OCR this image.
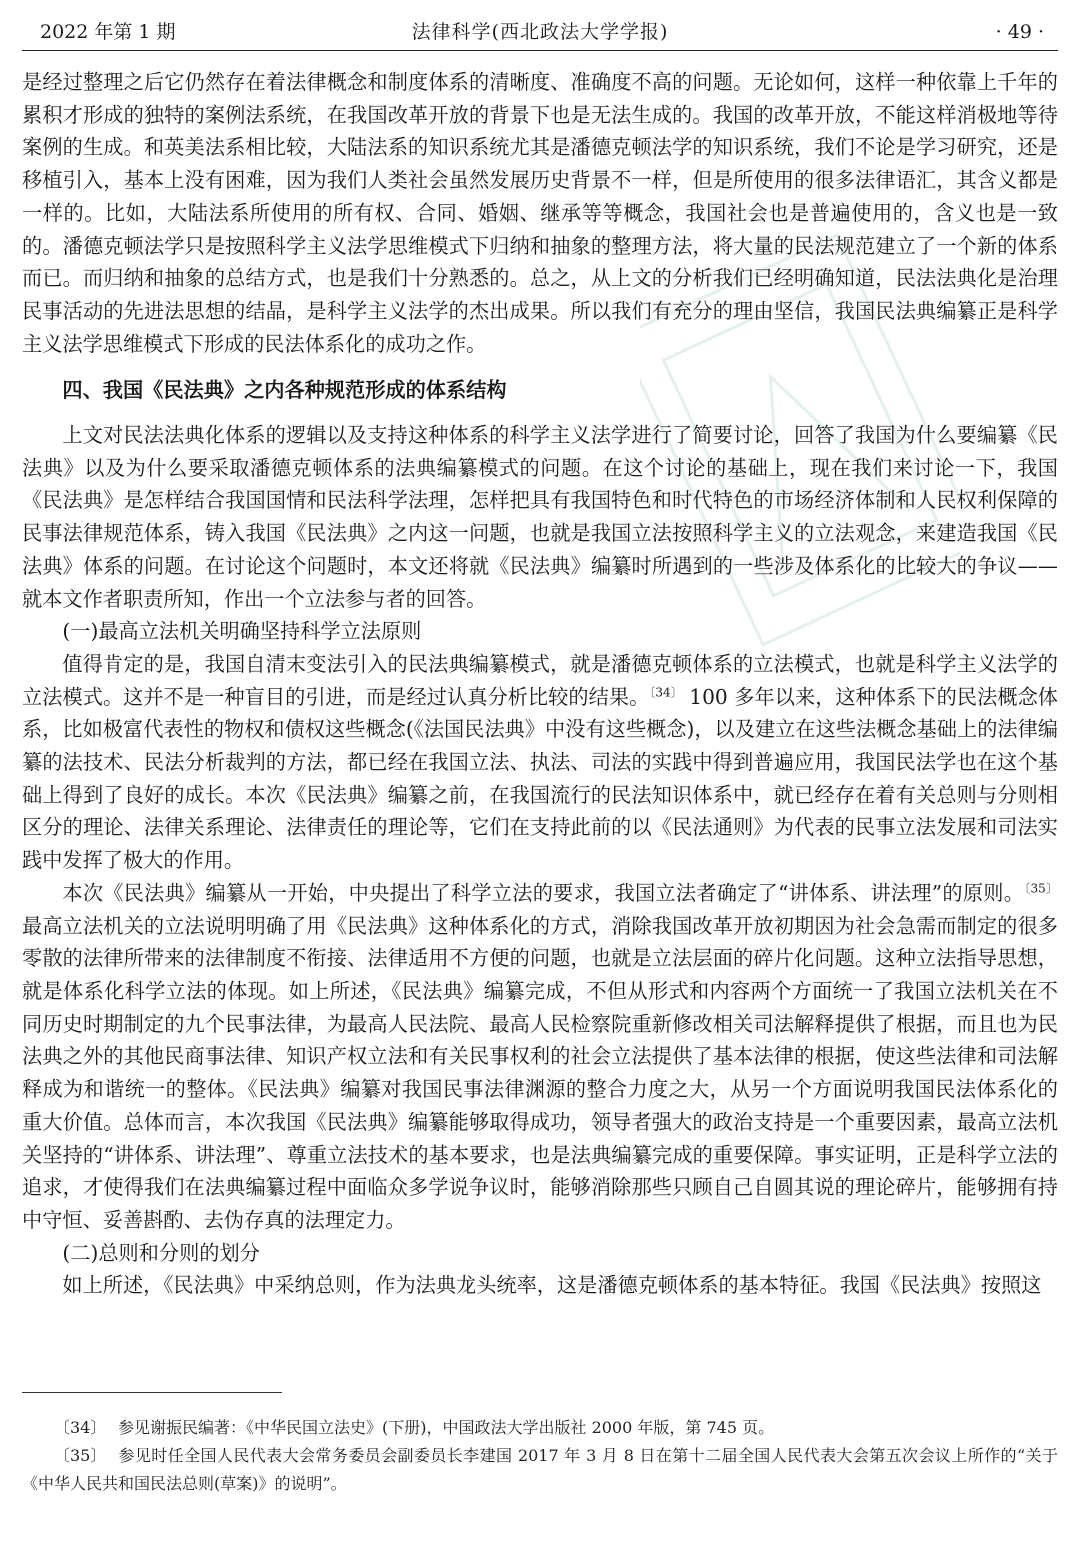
2022 年第 1 期	法律科学(西北政法大学学报)	· 49 ·

是经过整理之后它仍然存在着法律概念和制度体系的清晰度、准确度不高的问题。无论如何，这样一种依靠上千年的累积才形成的独特的案例法系统，在我国改革开放的背景下也是无法生成的。我国的改革开放，不能这样消极地等待案例的生成。和英美法系相比较，大陆法系的知识系统尤其是潘德克顿法学的知识系统，我们不论是学习研究，还是移植引入，基本上没有困难，因为我们人类社会虽然发展历史背景不一样，但是所使用的很多法律语汇，其含义都是一样的。比如，大陆法系所使用的所有权、合同、婚姻、继承等等概念，我国社会也是普遍使用的，含义也是一致的。潘德克顿法学只是按照科学主义法学思维模式下归纳和抽象的整理方法，将大量的民法规范建立了一个新的体系而已。而归纳和抽象的总结方式，也是我们十分熟悉的。总之，从上文的分析我们已经明确知道，民法法典化是治理民事活动的先进法思想的结晶，是科学主义法学的杰出成果。所以我们有充分的理由坚信，我国民法典编纂正是科学主义法学思维模式下形成的民法体系化的成功之作。

四、我国《民法典》之内各种规范形成的体系结构

上文对民法法典化体系的逻辑以及支持这种体系的科学主义法学进行了简要讨论，回答了我国为什么要编纂《民法典》以及为什么要采取潘德克顿体系的法典编纂模式的问题。在这个讨论的基础上，现在我们来讨论一下，我国《民法典》是怎样结合我国国情和民法科学法理，怎样把具有我国特色和时代特色的市场经济体制和人民权利保障的民事法律规范体系，铸入我国《民法典》之内这一问题，也就是我国立法按照科学主义的立法观念，来建造我国《民法典》体系的问题。在讨论这个问题时，本文还将就《民法典》编纂时所遇到的一些涉及体系化的比较大的争议——就本文作者职责所知，作出一个立法参与者的回答。

(一)最高立法机关明确坚持科学立法原则

值得肯定的是，我国自清末变法引入的民法典编纂模式，就是潘德克顿体系的立法模式，也就是科学主义法学的立法模式。这并不是一种盲目的引进，而是经过认真分析比较的结果。$^{〔34〕}$ 100 多年以来，这种体系下的民法概念体系，比如极富代表性的物权和债权这些概念(《法国民法典》中没有这些概念)，以及建立在这些法概念基础上的法律编纂的法技术、民法分析裁判的方法，都已经在我国立法、执法、司法的实践中得到普遍应用，我国民法学也在这个基础上得到了良好的成长。本次《民法典》编纂之前，在我国流行的民法知识体系中，就已经存在着有关总则与分则相区分的理论、法律关系理论、法律责任的理论等，它们在支持此前的以《民法通则》为代表的民事立法发展和司法实践中发挥了极大的作用。

本次《民法典》编纂从一开始，中央提出了科学立法的要求，我国立法者确定了“讲体系、讲法理”的原则。$^{〔35〕}$最高立法机关的立法说明明确了用《民法典》这种体系化的方式，消除我国改革开放初期因为社会急需而制定的很多零散的法律所带来的法律制度不衔接、法律适用不方便的问题，也就是立法层面的碎片化问题。这种立法指导思想，就是体系化科学立法的体现。如上所述，《民法典》编纂完成，不但从形式和内容两个方面统一了我国立法机关在不同历史时期制定的九个民事法律，为最高人民法院、最高人民检察院重新修改相关司法解释提供了根据，而且也为民法典之外的其他民商事法律、知识产权立法和有关民事权利的社会立法提供了基本法律的根据，使这些法律和司法解释成为和谐统一的整体。《民法典》编纂对我国民事法律渊源的整合力度之大，从另一个方面说明我国民法体系化的重大价值。总体而言，本次我国《民法典》编纂能够取得成功，领导者强大的政治支持是一个重要因素，最高立法机关坚持的“讲体系、讲法理”、尊重立法技术的基本要求，也是法典编纂完成的重要保障。事实证明，正是科学立法的追求，才使得我们在法典编纂过程中面临众多学说争议时，能够消除那些只顾自己自圆其说的理论碎片，能够拥有持中守恒、妥善斟酌、去伪存真的法理定力。

(二)总则和分则的划分

如上所述，《民法典》中采纳总则，作为法典龙头统率，这是潘德克顿体系的基本特征。我国《民法典》按照这

〔34〕 参见谢振民编著：《中华民国立法史》(下册)，中国政法大学出版社 2000 年版，第 745 页。

〔35〕 参见时任全国人民代表大会常务委员会副委员长李建国 2017 年 3 月 8 日在第十二届全国人民代表大会第五次会议上所作的“关于《中华人民共和国民法总则(草案)》的说明”。
